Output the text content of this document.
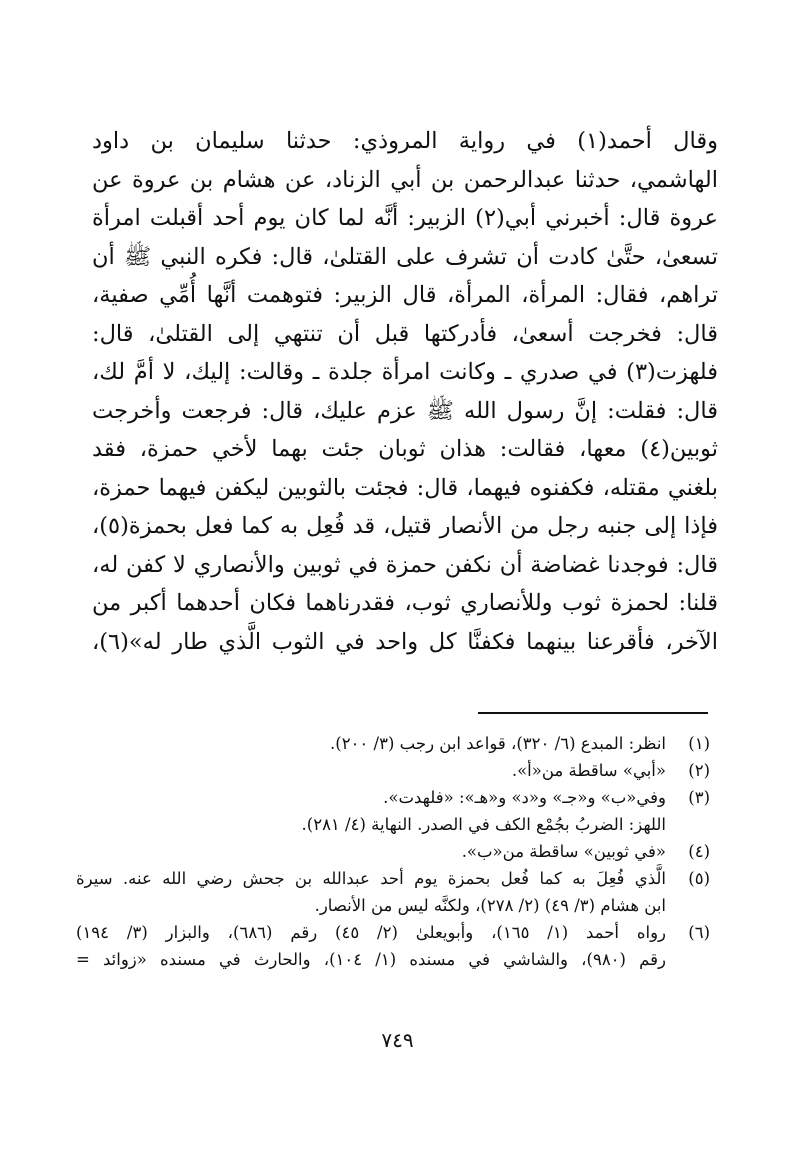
وقال أحمد(١) في رواية المروذي: حدثنا سليمان بن داود
الهاشمي، حدثنا عبدالرحمن بن أبي الزناد، عن هشام بن عروة عن
عروة قال: أخبرني أبي(٢) الزبير: أنَّه لما كان يوم أحد أقبلت امرأة
تسعىٰ، حتَّىٰ كادت أن تشرف على القتلىٰ، قال: فكره النبي ﷺ أن
تراهم، فقال: المرأة، المرأة، قال الزبير: فتوهمت أنَّها أُمِّي صفية،
قال: فخرجت أسعىٰ، فأدركتها قبل أن تنتهي إلى القتلىٰ، قال:
فلهزت(٣) في صدري ـ وكانت امرأة جلدة ـ وقالت: إليك، لا أمَّ لك،
قال: فقلت: إنَّ رسول الله ﷺ عزم عليك، قال: فرجعت وأخرجت
ثوبين(٤) معها، فقالت: هذان ثوبان جئت بهما لأخي حمزة، فقد
بلغني مقتله، فكفنوه فيهما، قال: فجئت بالثوبين ليكفن فيهما حمزة،
فإذا إلى جنبه رجل من الأنصار قتيل، قد فُعِل به كما فعل بحمزة(٥)،
قال: فوجدنا غضاضة أن نكفن حمزة في ثوبين والأنصاري لا كفن له،
قلنا: لحمزة ثوب وللأنصاري ثوب، فقدرناهما فكان أحدهما أكبر من
الآخر، فأقرعنا بينهما فكفنَّا كل واحد في الثوب الَّذي طار له»(٦)،
(١)
انظر: المبدع (٦/ ٣٢٠)، قواعد ابن رجب (٣/ ٢٠٠).
(٢)
«أبي» ساقطة من«أ».
(٣)
وفي«ب» و«جـ» و«د» و«هـ»: «فلهدت».
اللهز: الضربُ بجُمْع الكف في الصدر. النهاية (٤/ ٢٨١).
(٤)
«في ثوبين» ساقطة من«ب».
(٥)
الَّذي فُعِلَ به كما فُعل بحمزة يوم أحد عبدالله بن جحش رضي الله عنه. سيرة
ابن هشام (٣/ ٤٩) (٢/ ٢٧٨)، ولكنَّه ليس من الأنصار.
(٦)
رواه أحمد (١/ ١٦٥)، وأبويعلىٰ (٢/ ٤٥) رقم (٦٨٦)، والبزار (٣/ ١٩٤)
رقم (٩٨٠)، والشاشي في مسنده (١/ ١٠٤)، والحارث في مسنده «زوائد =
٧٤٩
